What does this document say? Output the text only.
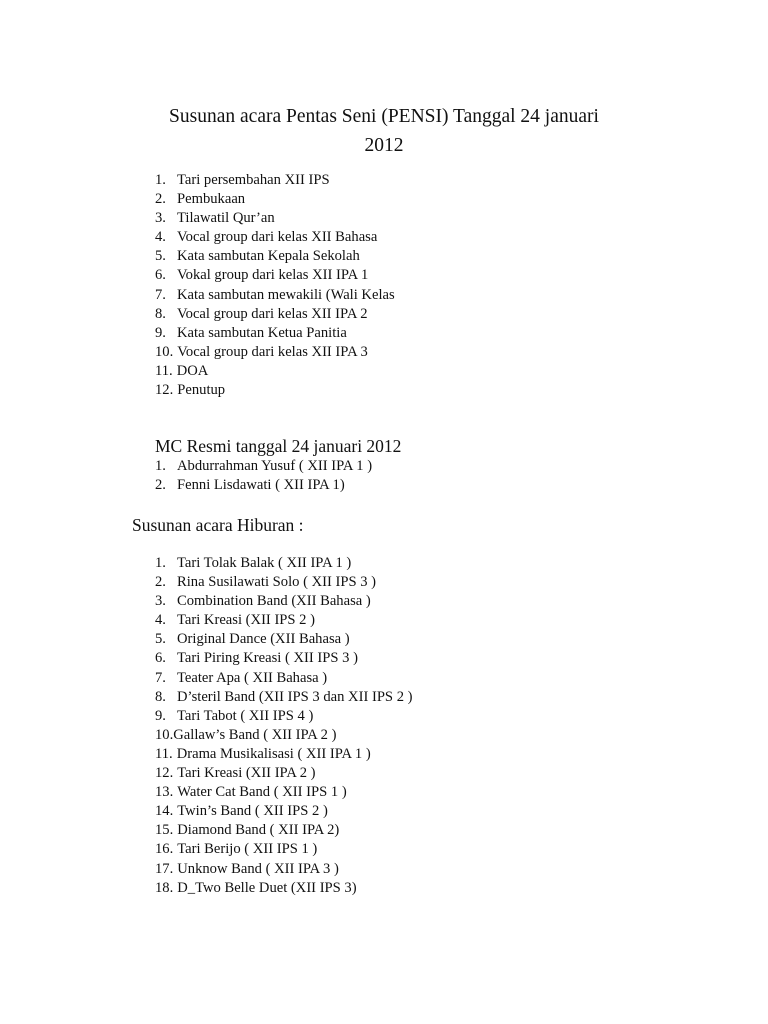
Susunan acara Pentas Seni (PENSI) Tanggal 24 januari
2012
1. Tari persembahan XII IPS
2. Pembukaan
3. Tilawatil Qur’an
4. Vocal group dari kelas XII Bahasa
5. Kata sambutan Kepala Sekolah
6. Vokal group dari kelas XII IPA 1
7. Kata sambutan mewakili (Wali Kelas
8. Vocal group dari kelas XII IPA 2
9. Kata sambutan Ketua Panitia
10. Vocal group dari kelas XII IPA 3
11. DOA
12. Penutup
MC Resmi tanggal 24 januari 2012
1. Abdurrahman Yusuf ( XII IPA 1 )
2. Fenni Lisdawati ( XII IPA 1)
Susunan acara Hiburan :
1. Tari Tolak Balak ( XII IPA 1 )
2. Rina Susilawati Solo ( XII IPS 3 )
3. Combination Band (XII Bahasa )
4. Tari Kreasi (XII IPS 2 )
5. Original Dance (XII Bahasa )
6. Tari Piring Kreasi ( XII IPS 3 )
7. Teater Apa ( XII Bahasa )
8. D’steril Band (XII IPS 3 dan XII IPS 2 )
9. Tari Tabot ( XII IPS 4 )
10.Gallaw’s Band ( XII IPA 2 )
11. Drama Musikalisasi ( XII IPA 1 )
12. Tari Kreasi (XII IPA 2 )
13. Water Cat Band ( XII IPS 1 )
14. Twin’s Band ( XII IPS 2 )
15. Diamond Band ( XII IPA 2)
16. Tari Berijo ( XII IPS 1 )
17. Unknow Band ( XII IPA 3 )
18. D_Two Belle Duet (XII IPS 3)
